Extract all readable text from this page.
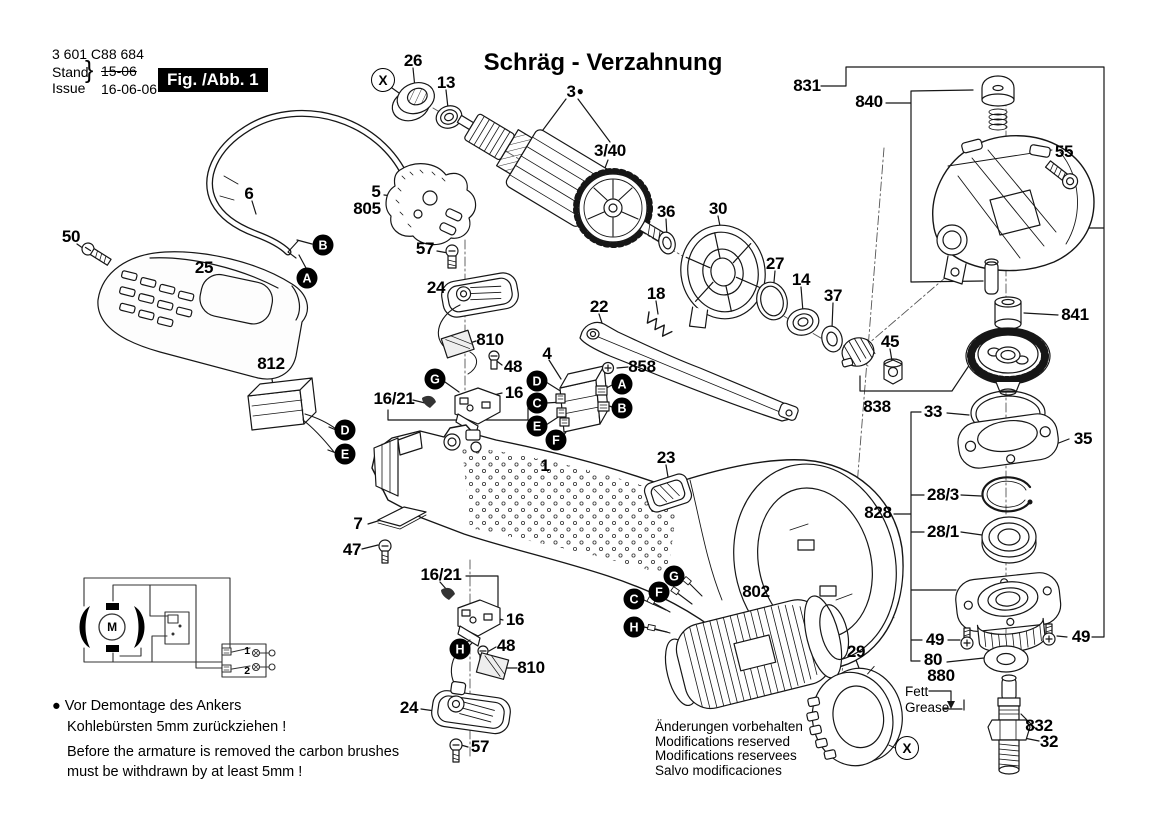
3 601 C88 684
Stand
} 15-06
Issue 16-06-06 Fig. /Abb. 1
Schräg - Verzahnung
26
13
X
3●
3/40
5
805
6
B
A
50
25
57
24
810
G
48
16
16/21
812
D
E
4
858
D
C
E
F
A
B
22
18
36 30
27
14
37
45
838
1	23
7
47
16/21
16
H	48
810
24
57
G
F
C
H
802
29
X
831
840
55
841
33
35
28/3
828
28/1
49	49
80
880
832
32
Fett
Grease
M
1
2
● Vor Demontage des Ankers
Kohlebürsten 5mm zurückziehen !
Before the armature is removed the carbon brushes
must be withdrawn by at least 5mm !
Änderungen vorbehalten
Modifications reserved
Modifications reservees
Salvo modificaciones
